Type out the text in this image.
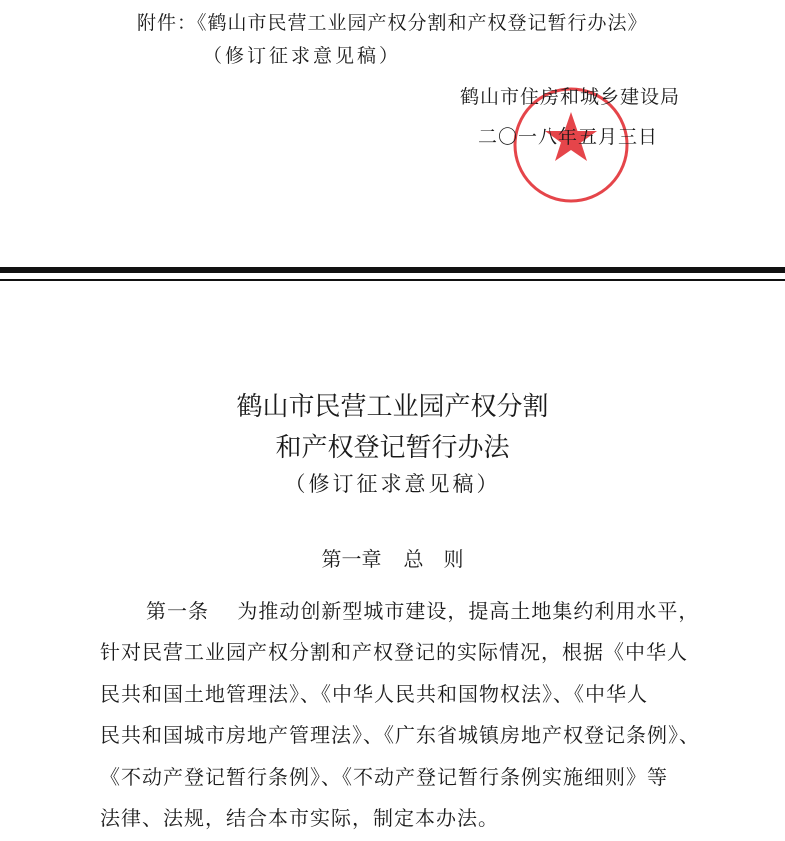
附件：《鹤山市民营工业园产权分割和产权登记暂行办法》
（修订征求意见稿）
鹤山市住房和城乡建设局
二〇一八年五月三日
鹤山市民营工业园产权分割
和产权登记暂行办法
（修订征求意见稿）
第一章 总　则
第一条　 为推动创新型城市建设，提高土地集约利用水平，
针对民营工业园产权分割和产权登记的实际情况，根据《中华人
民共和国土地管理法》、《中华人民共和国物权法》、《中华人
民共和国城市房地产管理法》、《广东省城镇房地产权登记条例》、
《不动产登记暂行条例》、《不动产登记暂行条例实施细则》等
法律、法规，结合本市实际，制定本办法。
